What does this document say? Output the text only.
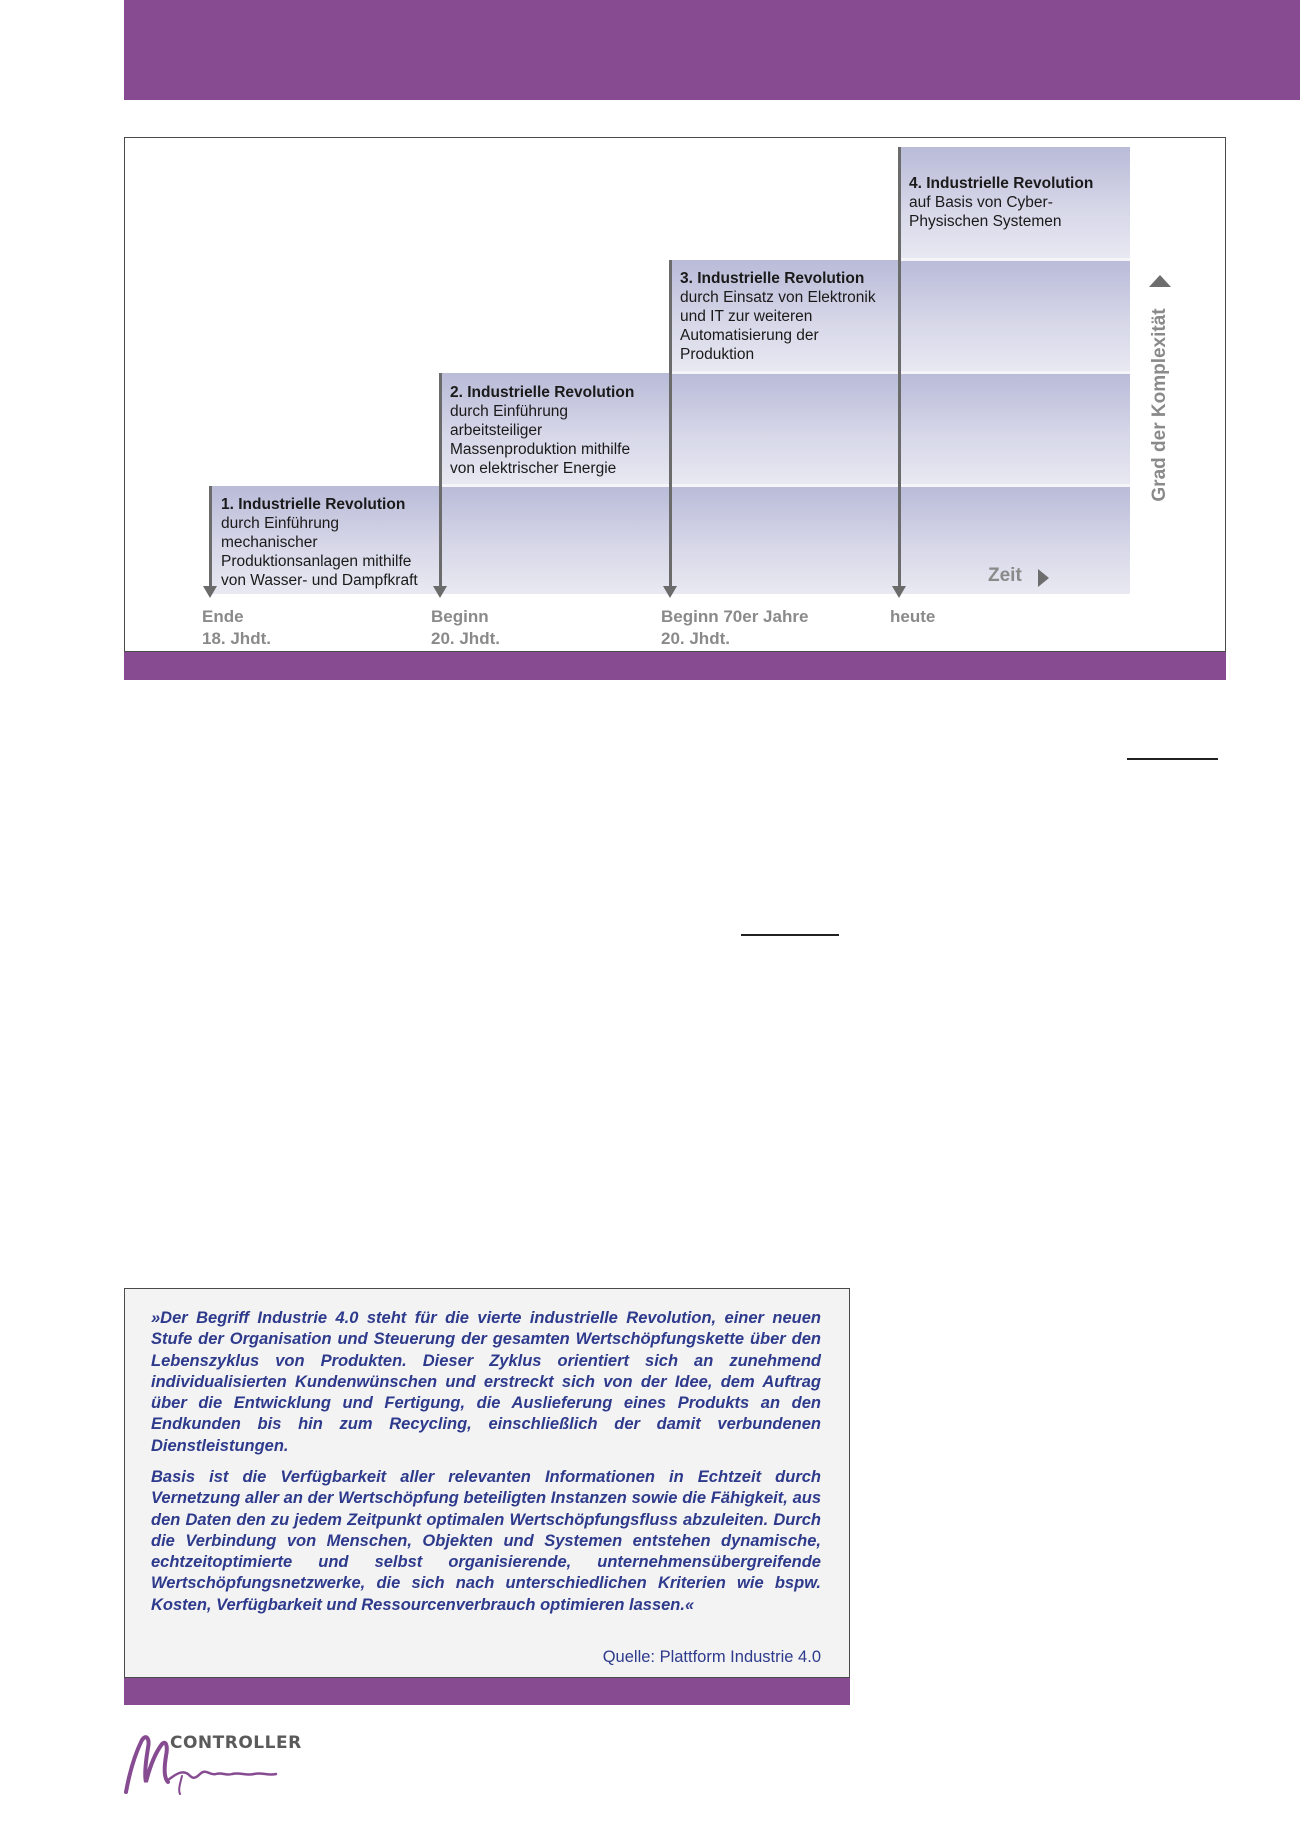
1. Industrielle Revolution
durch Einführung
mechanischer
Produktionsanlagen mithilfe
von Wasser- und Dampfkraft
2. Industrielle Revolution
durch Einführung
arbeitsteiliger
Massenproduktion mithilfe
von elektrischer Energie
3. Industrielle Revolution
durch Einsatz von Elektronik
und IT zur weiteren
Automatisierung der
Produktion
4. Industrielle Revolution
auf Basis von Cyber-
Physischen Systemen
Zeit
Grad der Komplexität
Ende
18. Jhdt.
Beginn
20. Jhdt.
Beginn 70er Jahre
20. Jhdt.
heute

»Der Begriff Industrie 4.0 steht für die vierte industrielle Revolution, einer neuen Stufe der Organisation und Steuerung der gesamten Wertschöpfungskette über den Lebenszyklus von Produkten. Dieser Zyklus orientiert sich an zunehmend individualisierten Kundenwünschen und erstreckt sich von der Idee, dem Auftrag über die Entwicklung und Fertigung, die Auslieferung eines Produkts an den Endkunden bis hin zum Recycling, einschließlich der damit verbundenen Dienstleistungen.

Basis ist die Verfügbarkeit aller relevanten Informationen in Echtzeit durch Vernetzung aller an der Wertschöpfung beteiligten Instanzen sowie die Fähigkeit, aus den Daten den zu jedem Zeitpunkt optimalen Wertschöpfungsfluss abzuleiten. Durch die Verbindung von Menschen, Objekten und Systemen entstehen dynamische, echtzeitoptimierte und selbst organisierende, unternehmensübergreifende Wertschöpfungsnetzwerke, die sich nach unterschiedlichen Kriterien wie bspw. Kosten, Verfügbarkeit und Ressourcenverbrauch optimieren lassen.«

Quelle: Plattform Industrie 4.0
CONTROLLER
